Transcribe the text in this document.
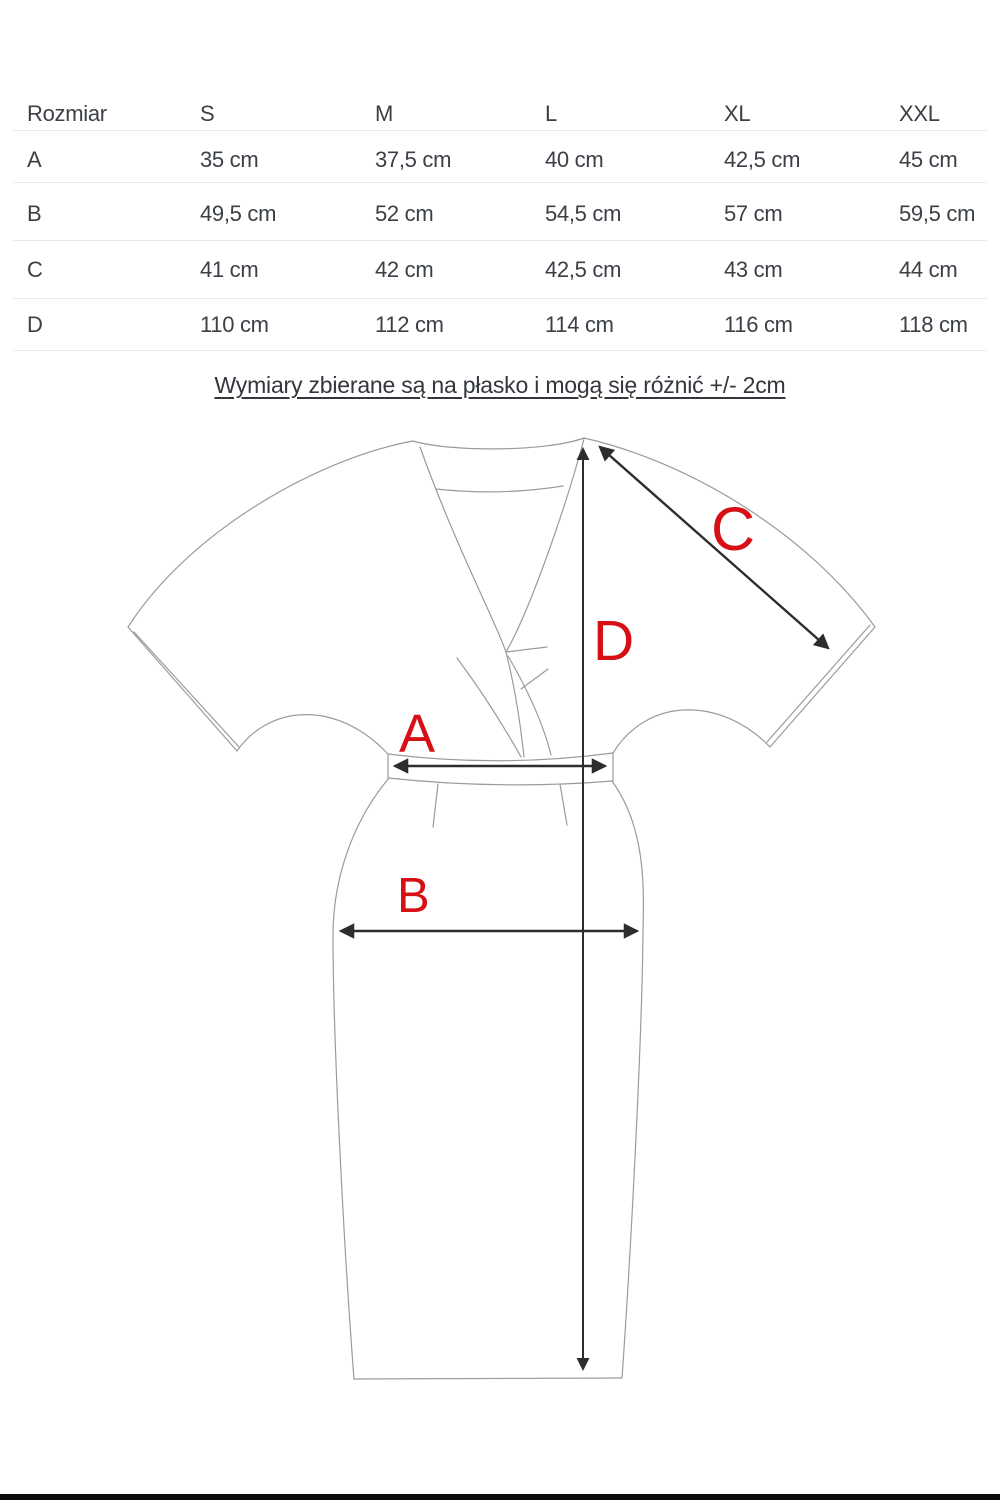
Rozmiar	S	M	L	XL	XXL
A	35 cm	37,5 cm	40 cm	42,5 cm	45 cm
B	49,5 cm	52 cm	54,5 cm	57 cm	59,5 cm
C	41 cm	42 cm	42,5 cm	43 cm	44 cm
D	110 cm	112 cm	114 cm	116 cm	118 cm
Wymiary zbierane są na płasko i mogą się różnić +/- 2cm
A
B
C
D
